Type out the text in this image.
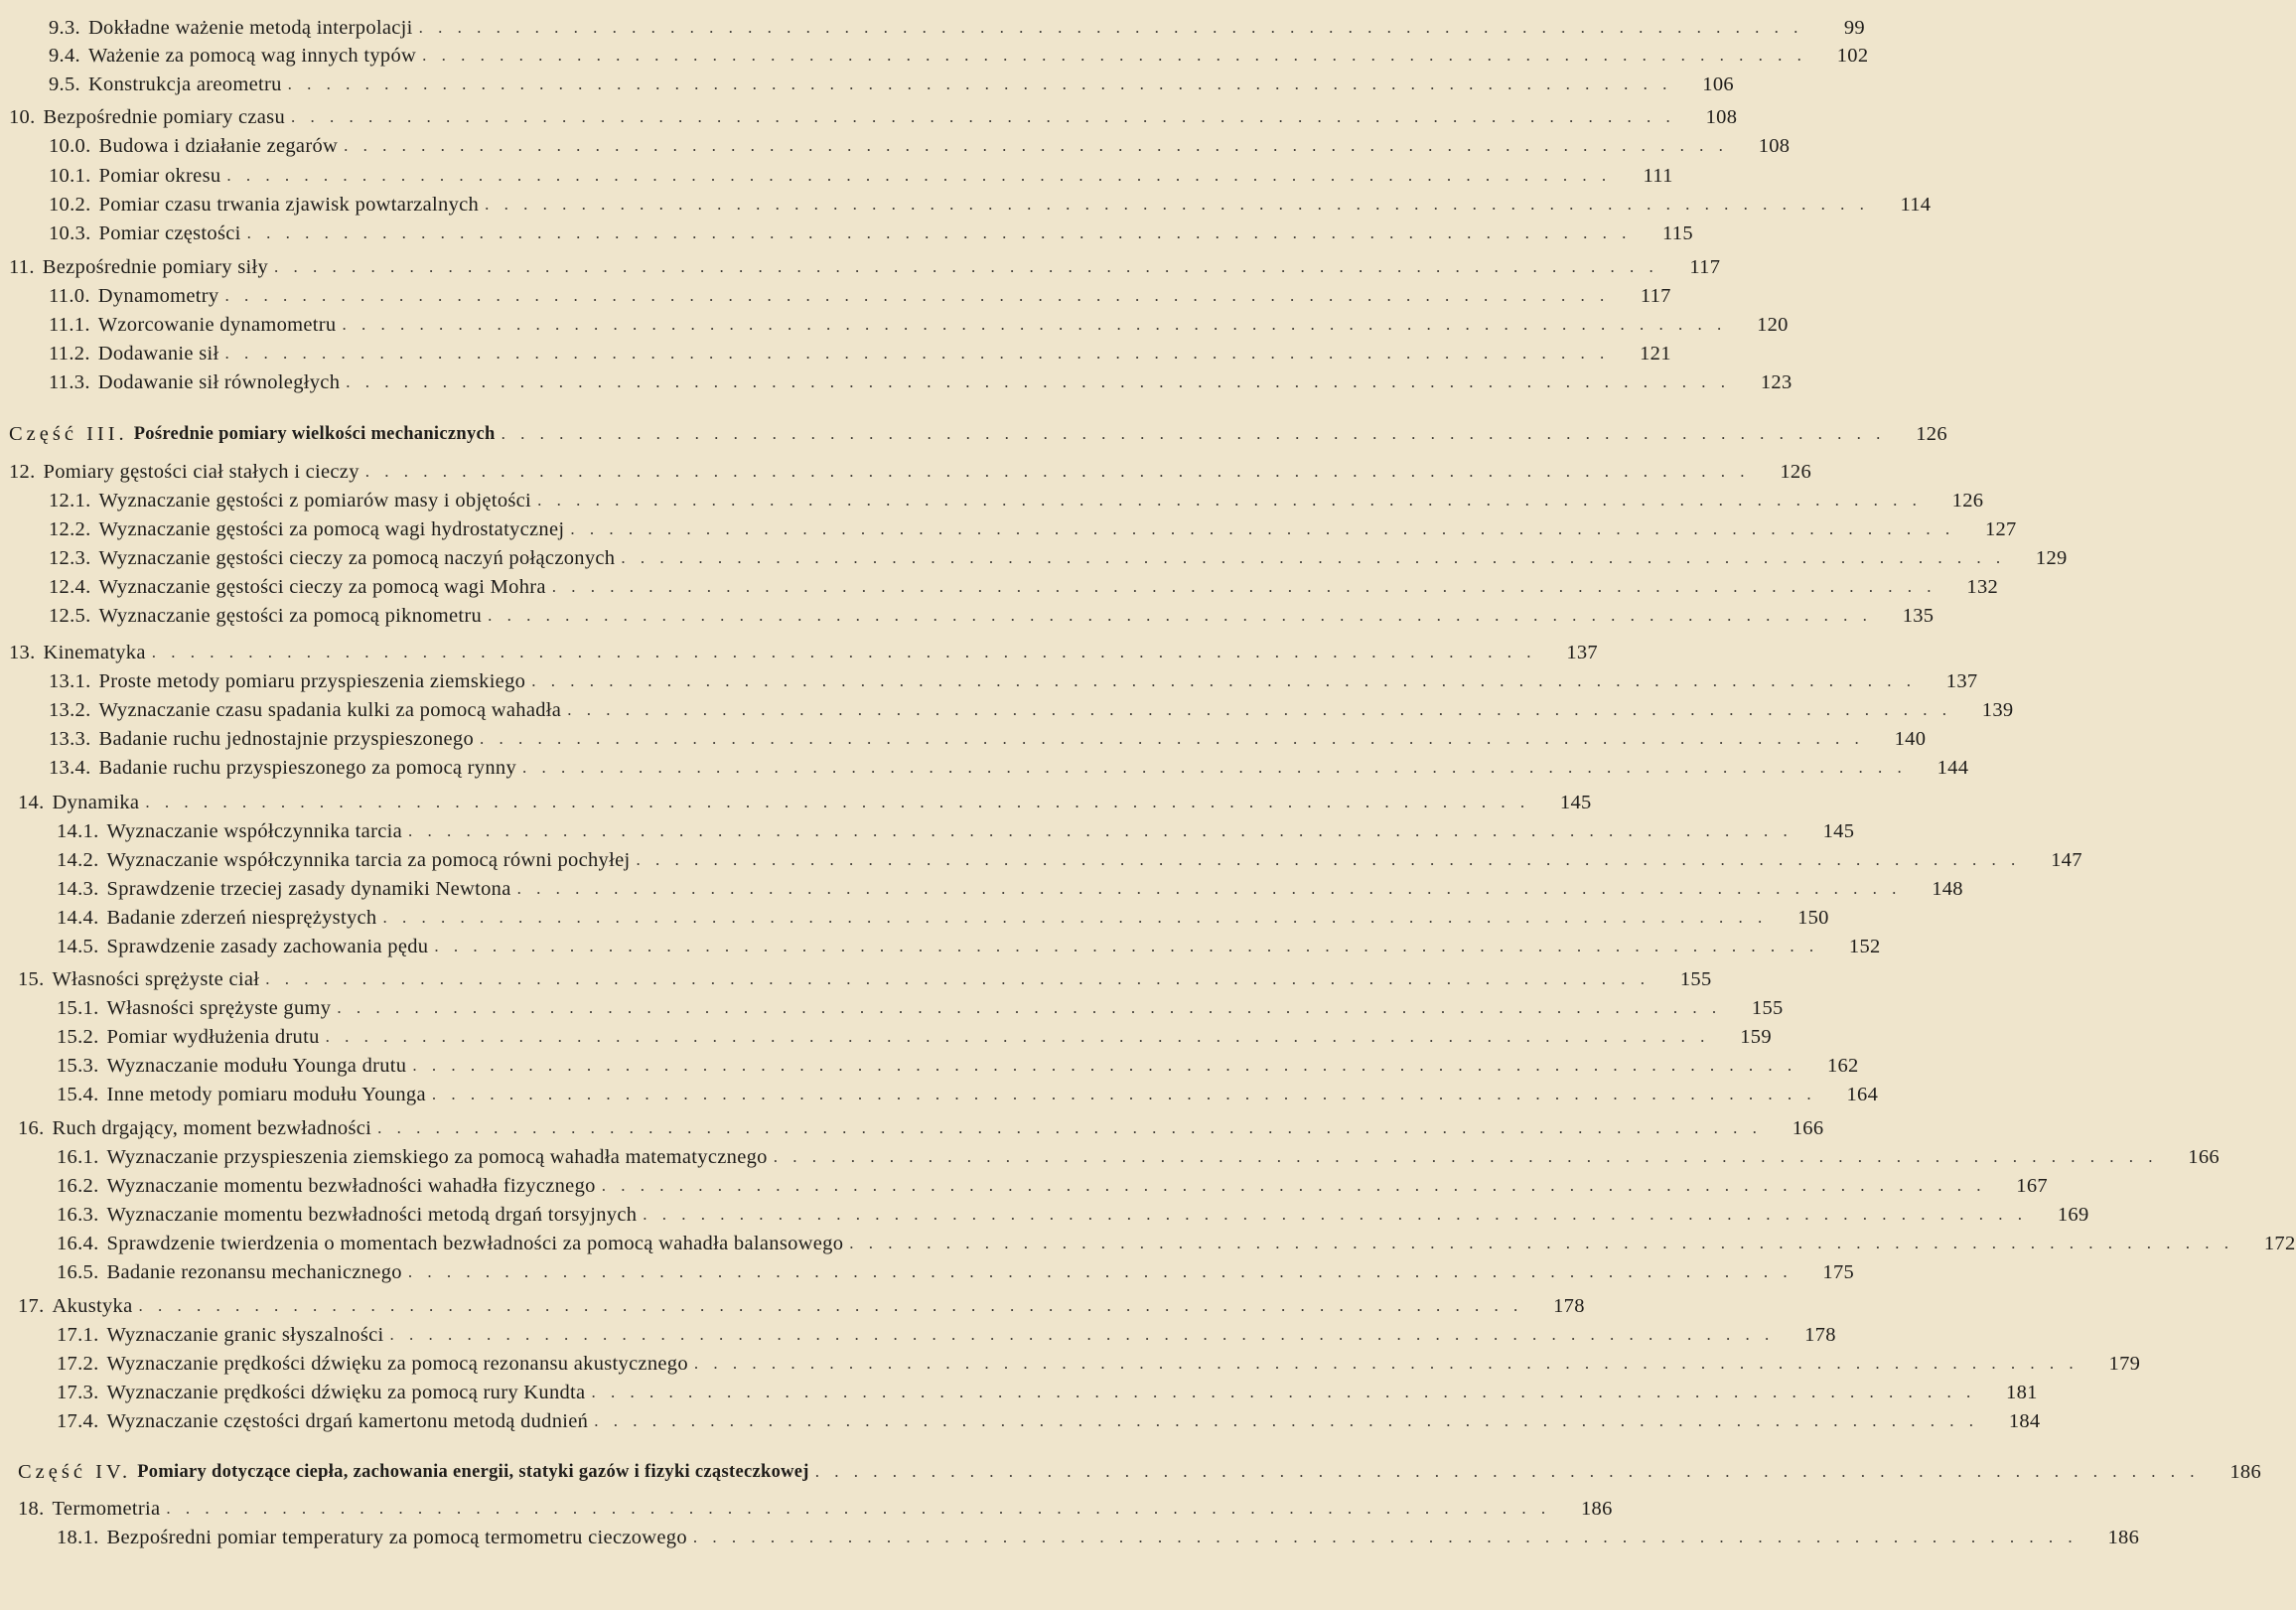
9.3. Dokładne ważenie metodą interpolacji . . . . . . . . . . . . . . . . . . . . . . . . . . . . . . . . . . . . . . . . . . . . . . . . . . . . . . . . . . . . . . . . . . . . . . . .	99
9.4. Ważenie za pomocą wag innych typów . . . . . . . . . . . . . . . . . . . . . . . . . . . . . . . . . . . . . . . . . . . . . . . . . . . . . . . . . . . . . . . . . . . . . . . .	102
9.5. Konstrukcja areometru . . . . . . . . . . . . . . . . . . . . . . . . . . . . . . . . . . . . . . . . . . . . . . . . . . . . . . . . . . . . . . . . . . . . . . . .	106
10. Bezpośrednie pomiary czasu . . . . . . . . . . . . . . . . . . . . . . . . . . . . . . . . . . . . . . . . . . . . . . . . . . . . . . . . . . . . . . . . . . . . . . . .	108
10.0. Budowa i działanie zegarów . . . . . . . . . . . . . . . . . . . . . . . . . . . . . . . . . . . . . . . . . . . . . . . . . . . . . . . . . . . . . . . . . . . . . . . .	108
10.1. Pomiar okresu . . . . . . . . . . . . . . . . . . . . . . . . . . . . . . . . . . . . . . . . . . . . . . . . . . . . . . . . . . . . . . . . . . . . . . . .	111
10.2. Pomiar czasu trwania zjawisk powtarzalnych . . . . . . . . . . . . . . . . . . . . . . . . . . . . . . . . . . . . . . . . . . . . . . . . . . . . . . . . . . . . . . . . . . . . . . . .	114
10.3. Pomiar częstości . . . . . . . . . . . . . . . . . . . . . . . . . . . . . . . . . . . . . . . . . . . . . . . . . . . . . . . . . . . . . . . . . . . . . . . .	115
11. Bezpośrednie pomiary siły . . . . . . . . . . . . . . . . . . . . . . . . . . . . . . . . . . . . . . . . . . . . . . . . . . . . . . . . . . . . . . . . . . . . . . . .	117
11.0. Dynamometry . . . . . . . . . . . . . . . . . . . . . . . . . . . . . . . . . . . . . . . . . . . . . . . . . . . . . . . . . . . . . . . . . . . . . . . .	117
11.1. Wzorcowanie dynamometru . . . . . . . . . . . . . . . . . . . . . . . . . . . . . . . . . . . . . . . . . . . . . . . . . . . . . . . . . . . . . . . . . . . . . . . .	120
11.2. Dodawanie sił . . . . . . . . . . . . . . . . . . . . . . . . . . . . . . . . . . . . . . . . . . . . . . . . . . . . . . . . . . . . . . . . . . . . . . . .	121
11.3. Dodawanie sił równoległych . . . . . . . . . . . . . . . . . . . . . . . . . . . . . . . . . . . . . . . . . . . . . . . . . . . . . . . . . . . . . . . . . . . . . . . .	123
Część III. Pośrednie pomiary wielkości mechanicznych . . . . . . . . . . . . . . . . . . . . . . . . . . . . . . . . . . . . . . . . . . . . . . . . . . . . . . . . . . . . . . . . . . . . . . . .	126
12. Pomiary gęstości ciał stałych i cieczy . . . . . . . . . . . . . . . . . . . . . . . . . . . . . . . . . . . . . . . . . . . . . . . . . . . . . . . . . . . . . . . . . . . . . . . .	126
12.1. Wyznaczanie gęstości z pomiarów masy i objętości . . . . . . . . . . . . . . . . . . . . . . . . . . . . . . . . . . . . . . . . . . . . . . . . . . . . . . . . . . . . . . . . . . . . . . . .	126
12.2. Wyznaczanie gęstości za pomocą wagi hydrostatycznej . . . . . . . . . . . . . . . . . . . . . . . . . . . . . . . . . . . . . . . . . . . . . . . . . . . . . . . . . . . . . . . . . . . . . . . .	127
12.3. Wyznaczanie gęstości cieczy za pomocą naczyń połączonych . . . . . . . . . . . . . . . . . . . . . . . . . . . . . . . . . . . . . . . . . . . . . . . . . . . . . . . . . . . . . . . . . . . . . . . .	129
12.4. Wyznaczanie gęstości cieczy za pomocą wagi Mohra . . . . . . . . . . . . . . . . . . . . . . . . . . . . . . . . . . . . . . . . . . . . . . . . . . . . . . . . . . . . . . . . . . . . . . . .	132
12.5. Wyznaczanie gęstości za pomocą piknometru . . . . . . . . . . . . . . . . . . . . . . . . . . . . . . . . . . . . . . . . . . . . . . . . . . . . . . . . . . . . . . . . . . . . . . . .	135
13. Kinematyka . . . . . . . . . . . . . . . . . . . . . . . . . . . . . . . . . . . . . . . . . . . . . . . . . . . . . . . . . . . . . . . . . . . . . . . .	137
13.1. Proste metody pomiaru przyspieszenia ziemskiego . . . . . . . . . . . . . . . . . . . . . . . . . . . . . . . . . . . . . . . . . . . . . . . . . . . . . . . . . . . . . . . . . . . . . . . .	137
13.2. Wyznaczanie czasu spadania kulki za pomocą wahadła . . . . . . . . . . . . . . . . . . . . . . . . . . . . . . . . . . . . . . . . . . . . . . . . . . . . . . . . . . . . . . . . . . . . . . . .	139
13.3. Badanie ruchu jednostajnie przyspieszonego . . . . . . . . . . . . . . . . . . . . . . . . . . . . . . . . . . . . . . . . . . . . . . . . . . . . . . . . . . . . . . . . . . . . . . . .	140
13.4. Badanie ruchu przyspieszonego za pomocą rynny . . . . . . . . . . . . . . . . . . . . . . . . . . . . . . . . . . . . . . . . . . . . . . . . . . . . . . . . . . . . . . . . . . . . . . . .	144
14. Dynamika . . . . . . . . . . . . . . . . . . . . . . . . . . . . . . . . . . . . . . . . . . . . . . . . . . . . . . . . . . . . . . . . . . . . . . . .	145
14.1. Wyznaczanie współczynnika tarcia . . . . . . . . . . . . . . . . . . . . . . . . . . . . . . . . . . . . . . . . . . . . . . . . . . . . . . . . . . . . . . . . . . . . . . . .	145
14.2. Wyznaczanie współczynnika tarcia za pomocą równi pochyłej . . . . . . . . . . . . . . . . . . . . . . . . . . . . . . . . . . . . . . . . . . . . . . . . . . . . . . . . . . . . . . . . . . . . . . . .	147
14.3. Sprawdzenie trzeciej zasady dynamiki Newtona . . . . . . . . . . . . . . . . . . . . . . . . . . . . . . . . . . . . . . . . . . . . . . . . . . . . . . . . . . . . . . . . . . . . . . . .	148
14.4. Badanie zderzeń niesprężystych . . . . . . . . . . . . . . . . . . . . . . . . . . . . . . . . . . . . . . . . . . . . . . . . . . . . . . . . . . . . . . . . . . . . . . . .	150
14.5. Sprawdzenie zasady zachowania pędu . . . . . . . . . . . . . . . . . . . . . . . . . . . . . . . . . . . . . . . . . . . . . . . . . . . . . . . . . . . . . . . . . . . . . . . .	152
15. Własności sprężyste ciał . . . . . . . . . . . . . . . . . . . . . . . . . . . . . . . . . . . . . . . . . . . . . . . . . . . . . . . . . . . . . . . . . . . . . . . .	155
15.1. Własności sprężyste gumy . . . . . . . . . . . . . . . . . . . . . . . . . . . . . . . . . . . . . . . . . . . . . . . . . . . . . . . . . . . . . . . . . . . . . . . .	155
15.2. Pomiar wydłużenia drutu . . . . . . . . . . . . . . . . . . . . . . . . . . . . . . . . . . . . . . . . . . . . . . . . . . . . . . . . . . . . . . . . . . . . . . . .	159
15.3. Wyznaczanie modułu Younga drutu . . . . . . . . . . . . . . . . . . . . . . . . . . . . . . . . . . . . . . . . . . . . . . . . . . . . . . . . . . . . . . . . . . . . . . . .	162
15.4. Inne metody pomiaru modułu Younga . . . . . . . . . . . . . . . . . . . . . . . . . . . . . . . . . . . . . . . . . . . . . . . . . . . . . . . . . . . . . . . . . . . . . . . .	164
16. Ruch drgający, moment bezwładności . . . . . . . . . . . . . . . . . . . . . . . . . . . . . . . . . . . . . . . . . . . . . . . . . . . . . . . . . . . . . . . . . . . . . . . .	166
16.1. Wyznaczanie przyspieszenia ziemskiego za pomocą wahadła matematycznego . . . . . . . . . . . . . . . . . . . . . . . . . . . . . . . . . . . . . . . . . . . . . . . . . . . . . . . . . . . . . . . . . . . . . . . .	166
16.2. Wyznaczanie momentu bezwładności wahadła fizycznego . . . . . . . . . . . . . . . . . . . . . . . . . . . . . . . . . . . . . . . . . . . . . . . . . . . . . . . . . . . . . . . . . . . . . . . .	167
16.3. Wyznaczanie momentu bezwładności metodą drgań torsyjnych . . . . . . . . . . . . . . . . . . . . . . . . . . . . . . . . . . . . . . . . . . . . . . . . . . . . . . . . . . . . . . . . . . . . . . . .	169
16.4. Sprawdzenie twierdzenia o momentach bezwładności za pomocą wahadła balansowego . . . . . . . . . . . . . . . . . . . . . . . . . . . . . . . . . . . . . . . . . . . . . . . . . . . . . . . . . . . . . . . . . . . . . . . .	172
16.5. Badanie rezonansu mechanicznego . . . . . . . . . . . . . . . . . . . . . . . . . . . . . . . . . . . . . . . . . . . . . . . . . . . . . . . . . . . . . . . . . . . . . . . .	175
17. Akustyka . . . . . . . . . . . . . . . . . . . . . . . . . . . . . . . . . . . . . . . . . . . . . . . . . . . . . . . . . . . . . . . . . . . . . . . .	178
17.1. Wyznaczanie granic słyszalności . . . . . . . . . . . . . . . . . . . . . . . . . . . . . . . . . . . . . . . . . . . . . . . . . . . . . . . . . . . . . . . . . . . . . . . .	178
17.2. Wyznaczanie prędkości dźwięku za pomocą rezonansu akustycznego . . . . . . . . . . . . . . . . . . . . . . . . . . . . . . . . . . . . . . . . . . . . . . . . . . . . . . . . . . . . . . . . . . . . . . . .	179
17.3. Wyznaczanie prędkości dźwięku za pomocą rury Kundta . . . . . . . . . . . . . . . . . . . . . . . . . . . . . . . . . . . . . . . . . . . . . . . . . . . . . . . . . . . . . . . . . . . . . . . .	181
17.4. Wyznaczanie częstości drgań kamertonu metodą dudnień . . . . . . . . . . . . . . . . . . . . . . . . . . . . . . . . . . . . . . . . . . . . . . . . . . . . . . . . . . . . . . . . . . . . . . . .	184
Część IV. Pomiary dotyczące ciepła, zachowania energii, statyki gazów i fizyki cząsteczkowej . . . . . . . . . . . . . . . . . . . . . . . . . . . . . . . . . . . . . . . . . . . . . . . . . . . . . . . . . . . . . . . . . . . . . . . .	186
18. Termometria . . . . . . . . . . . . . . . . . . . . . . . . . . . . . . . . . . . . . . . . . . . . . . . . . . . . . . . . . . . . . . . . . . . . . . . .	186
18.1. Bezpośredni pomiar temperatury za pomocą termometru cieczowego . . . . . . . . . . . . . . . . . . . . . . . . . . . . . . . . . . . . . . . . . . . . . . . . . . . . . . . . . . . . . . . . . . . . . . . .	186
